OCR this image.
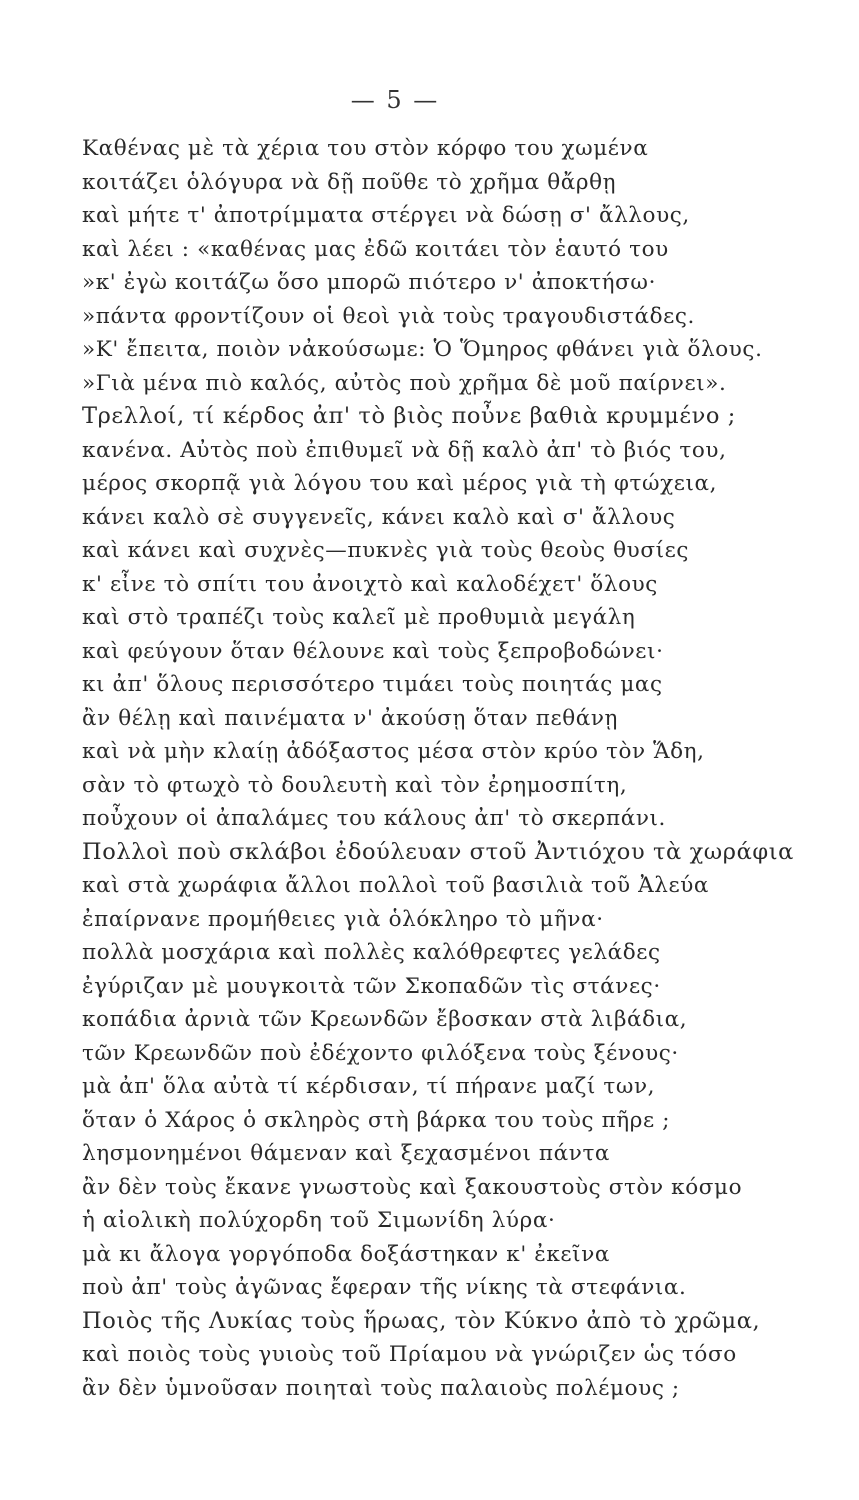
— 5 —
Καθένας μὲ τὰ χέρια του στὸν κόρφο του χωμένα
κοιτάζει ὁλόγυρα νὰ δῇ ποῦθε τὸ χρῆμα θἄρθῃ
καὶ μήτε τ' ἀποτρίμματα στέργει νὰ δώσῃ σ' ἄλλους,
καὶ λέει : «καθένας μας ἐδῶ κοιτάει τὸν ἑαυτό του
»κ' ἐγὼ κοιτάζω ὅσο μπορῶ πιότερο ν' ἀποκτήσω·
»πάντα φροντίζουν οἱ θεοὶ γιὰ τοὺς τραγουδιστάδες.
»Κ' ἔπειτα, ποιὸν νἀκούσωμε: Ὁ Ὅμηρος φθάνει γιὰ ὅλους.
»Γιὰ μένα πιὸ καλός, αὐτὸς ποὺ χρῆμα δὲ μοῦ παίρνει».
Τρελλοί, τί κέρδος ἀπ' τὸ βιὸς ποὖνε βαθιὰ κρυμμένο ;
κανένα. Αὐτὸς ποὺ ἐπιθυμεῖ νὰ δῇ καλὸ ἀπ' τὸ βιός του,
μέρος σκορπᾷ γιὰ λόγου του καὶ μέρος γιὰ τὴ φτώχεια,
κάνει καλὸ σὲ συγγενεῖς, κάνει καλὸ καὶ σ' ἄλλους
καὶ κάνει καὶ συχνὲς—πυκνὲς γιὰ τοὺς θεοὺς θυσίες
κ' εἶνε τὸ σπίτι του ἀνοιχτὸ καὶ καλοδέχετ' ὅλους
καὶ στὸ τραπέζι τοὺς καλεῖ μὲ προθυμιὰ μεγάλη
καὶ φεύγουν ὅταν θέλουνε καὶ τοὺς ξεπροβοδώνει·
κι ἀπ' ὅλους περισσότερο τιμάει τοὺς ποιητάς μας
ἂν θέλῃ καὶ παινέματα ν' ἀκούσῃ ὅταν πεθάνῃ
καὶ νὰ μὴν κλαίῃ ἀδόξαστος μέσα στὸν κρύο τὸν Ἅδη,
σὰν τὸ φτωχὸ τὸ δουλευτὴ καὶ τὸν ἐρημοσπίτη,
ποὖχουν οἱ ἀπαλάμες του κάλους ἀπ' τὸ σκερπάνι.
Πολλοὶ ποὺ σκλάβοι ἐδούλευαν στοῦ Ἀντιόχου τὰ χωράφια
καὶ στὰ χωράφια ἄλλοι πολλοὶ τοῦ βασιλιὰ τοῦ Ἀλεύα
ἐπαίρνανε προμήθειες γιὰ ὁλόκληρο τὸ μῆνα·
πολλὰ μοσχάρια καὶ πολλὲς καλόθρεφτες γελάδες
ἐγύριζαν μὲ μουγκοιτὰ τῶν Σκοπαδῶν τὶς στάνες·
κοπάδια ἀρνιὰ τῶν Κρεωνδῶν ἔβοσκαν στὰ λιβάδια,
τῶν Κρεωνδῶν ποὺ ἐδέχοντο φιλόξενα τοὺς ξένους·
μὰ ἀπ' ὅλα αὐτὰ τί κέρδισαν, τί πήρανε μαζί των,
ὅταν ὁ Χάρος ὁ σκληρὸς στὴ βάρκα του τοὺς πῆρε ;
λησμονημένοι θάμεναν καὶ ξεχασμένοι πάντα
ἂν δὲν τοὺς ἔκανε γνωστοὺς καὶ ξακουστοὺς στὸν κόσμο
ἡ αἰολικὴ πολύχορδη τοῦ Σιμωνίδη λύρα·
μὰ κι ἄλογα γοργόποδα δοξάστηκαν κ' ἐκεῖνα
ποὺ ἀπ' τοὺς ἀγῶνας ἔφεραν τῆς νίκης τὰ στεφάνια.
Ποιὸς τῆς Λυκίας τοὺς ἥρωας, τὸν Κύκνο ἀπὸ τὸ χρῶμα,
καὶ ποιὸς τοὺς γυιοὺς τοῦ Πρίαμου νὰ γνώριζεν ὡς τόσο
ἂν δὲν ὑμνοῦσαν ποιηταὶ τοὺς παλαιοὺς πολέμους ;
